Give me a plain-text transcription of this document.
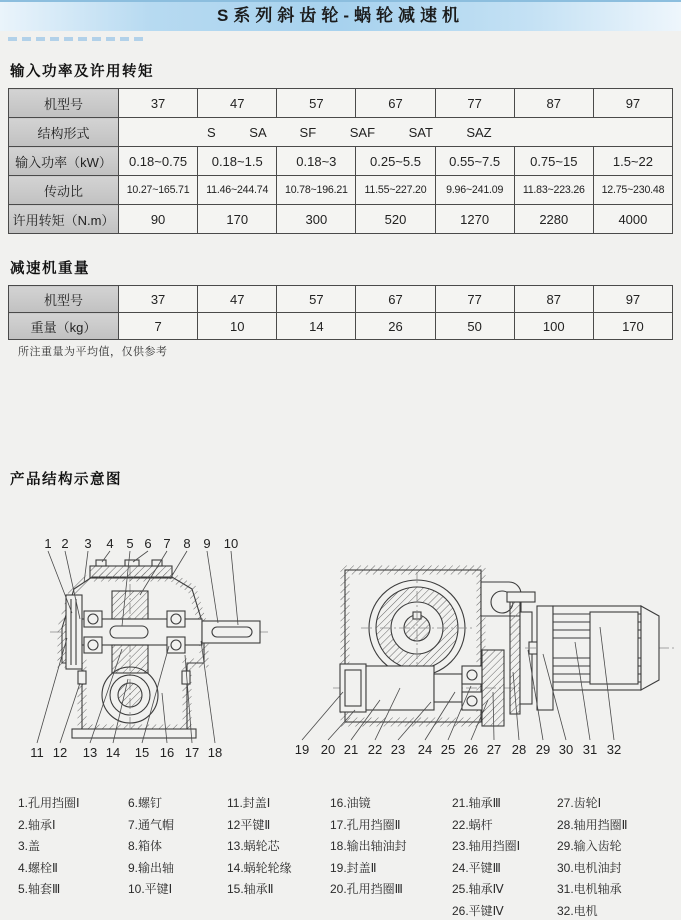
S系列斜齿轮-蜗轮减速机
输入功率及许用转矩
机型号	37	47	57	67	77	87	97
结构形式	S SA SF SAF SAT SAZ						
输入功率（kW）	0.18~0.75	0.18~1.5	0.18~3	0.25~5.5	0.55~7.5	0.75~15	1.5~22
传动比	10.27~165.71	11.46~244.74	10.78~196.21	11.55~227.20	9.96~241.09	11.83~223.26	12.75~230.48
许用转矩（N.m）	90	170	300	520	1270	2280	4000
减速机重量
机型号	37	47	57	67	77	87	97
重量（kg）	7	10	14	26	50	100	170
所注重量为平均值，仅供参考
产品结构示意图
1 2 3 4 5 6 7 8 9 10
11 12 13 14 15 16 17 18	19 20 21 22 23 24 25 26 27 28 29 30 31 32
1.孔用挡圈Ⅰ
2.轴承Ⅰ
3.盖
4.螺栓Ⅱ
5.轴套Ⅲ
6.螺钉
7.通气帽
8.箱体
9.输出轴
10.平键Ⅰ
11.封盖Ⅰ
12平键Ⅱ
13.蜗轮芯
14.蜗轮轮缘
15.轴承Ⅱ
16.油镜
17.孔用挡圈Ⅱ
18.输出轴油封
19.封盖Ⅱ
20.孔用挡圈Ⅲ
21.轴承Ⅲ
22.蜗杆
23.轴用挡圈Ⅰ
24.平键Ⅲ
25.轴承Ⅳ
26.平键Ⅳ
27.齿轮Ⅰ
28.轴用挡圈Ⅱ
29.输入齿轮
30.电机油封
31.电机轴承
32.电机
